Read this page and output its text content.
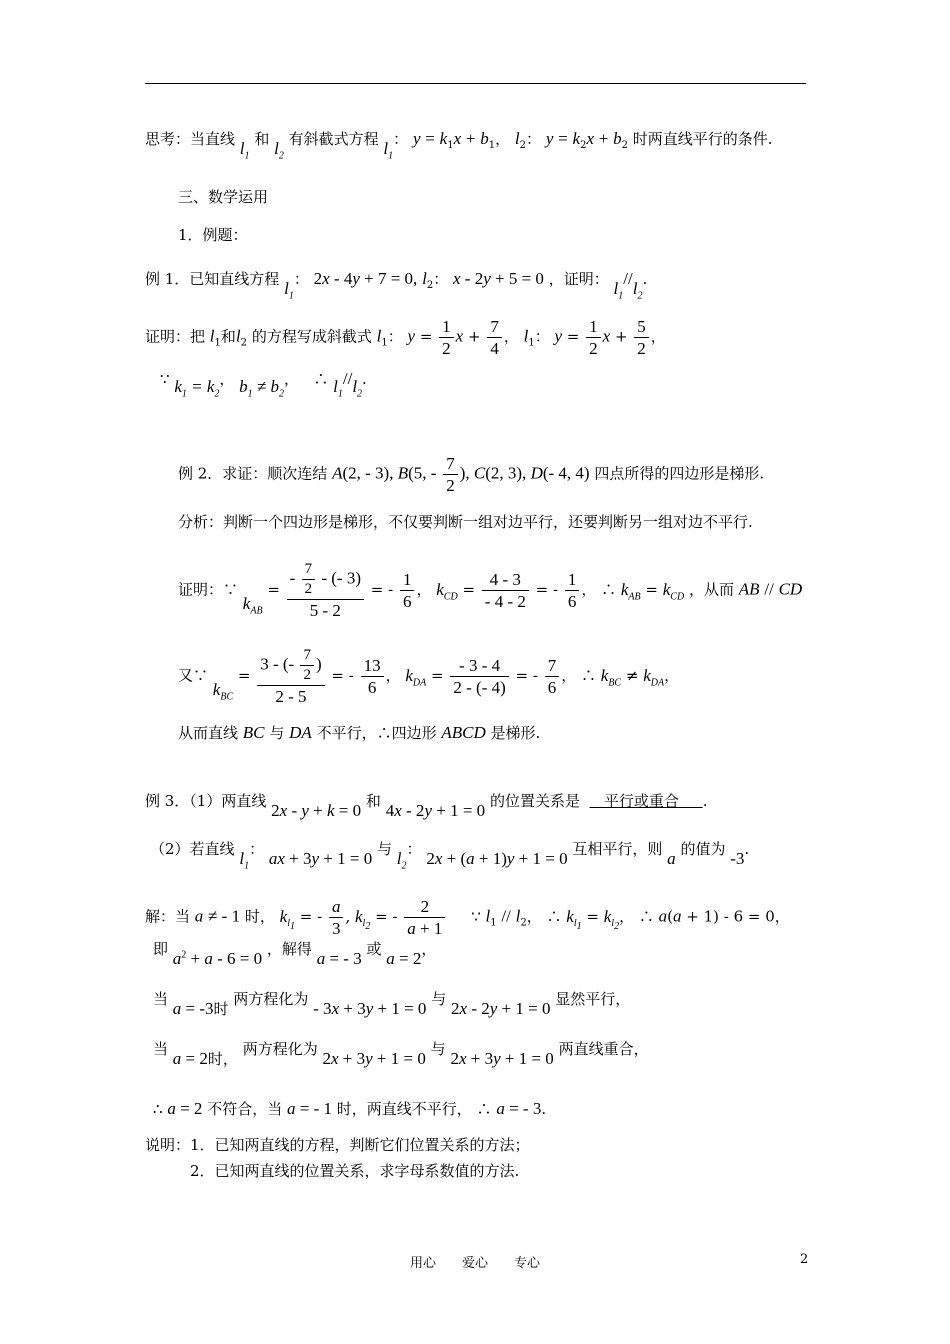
思考：当直线 $l_1$ 和 $l_2$ 有斜截式方程 $l_1$： $y = k_1x + b_1$， $l_2$： $y = k_2x + b_2$ 时两直线平行的条件.
三、数学运用
1．例题：
例 1．已知直线方程 $l_1$： 2x - 4y + 7 = 0, $l_2$： x - 2y + 5 = 0 ，证明： $l_1//l_2$.
证明：把 $l_1$和$l_2$ 的方程写成斜截式 $l_1$： $y = \frac{1}{2}$ $x + \frac{7}{4}$ ， $l_1$： $y = \frac{1}{2}$ $x + \frac{5}{2}$ ，
∵ $k_1 = k_2$， $b_1 \ne b_2$，   ∴ $l_1//l_2$.
例 2．求证：顺次连结 A(2, - 3), B(5, - $\frac{7}{2}$ ), C(2, 3), D(- 4, 4) 四点所得的四边形是梯形.
分析：判断一个四边形是梯形，不仅要判断一组对边平行，还要判断另一组对边不平行.
证明：∵ $k_{AB} = \frac{- \frac{7}{2} - (- 3)}{5 - 2}$ = - $\frac{1}{6}$ ， $k_{CD} = \frac{4 - 3}{- 4 - 2}$ = - $\frac{1}{6}$ ， ∴ $k_{AB} = k_{CD}$ ，从而 AB // CD
又∵ $k_{BC} = \frac{3 - (- \frac{7}{2} )}{2 - 5}$ = - $\frac{13}{6}$ ， $k_{DA} = \frac{- 3 - 4}{2 - (- 4)}$ = - $\frac{7}{6}$ ， ∴ $k_{BC} \ne k_{DA}$，
从而直线 BC 与 DA 不平行，∴四边形 ABCD 是梯形.
例 3．（1）两直线 2x - y + k = 0 和 4x - 2y + 1 = 0 的位置关系是 平行或重合 .
（2）若直线 $l_1$： ax + 3y + 1 = 0 与 $l_2$： 2x + (a + 1)y + 1 = 0 互相平行，则 a 的值为 -3.
解：当 a ≠ - 1 时， $k_{l_1}$ = - $\frac{a}{3}$ , $k_{l_2}$ = - $\frac{2}{a + 1}$ ∵ $l_1 // l_2$， ∴ $k_{l_1} = k_{l_2}$， ∴ a(a + 1) - 6 = 0，
即 $a^2 + a - 6 = 0$ ，解得 a = - 3 或 a = 2，
当 a = -3时 两方程化为 - 3x + 3y + 1 = 0 与 2x - 2y + 1 = 0 显然平行，
当 a = 2时， 两方程化为 2x + 3y + 1 = 0 与 2x + 3y + 1 = 0 两直线重合，
∴ a = 2 不符合，当 a = - 1 时，两直线不平行， ∴ a = - 3.
说明：1．已知两直线的方程，判断它们位置关系的方法；
2．已知两直线的位置关系，求字母系数值的方法.
用心　　爱心　　专心	2
